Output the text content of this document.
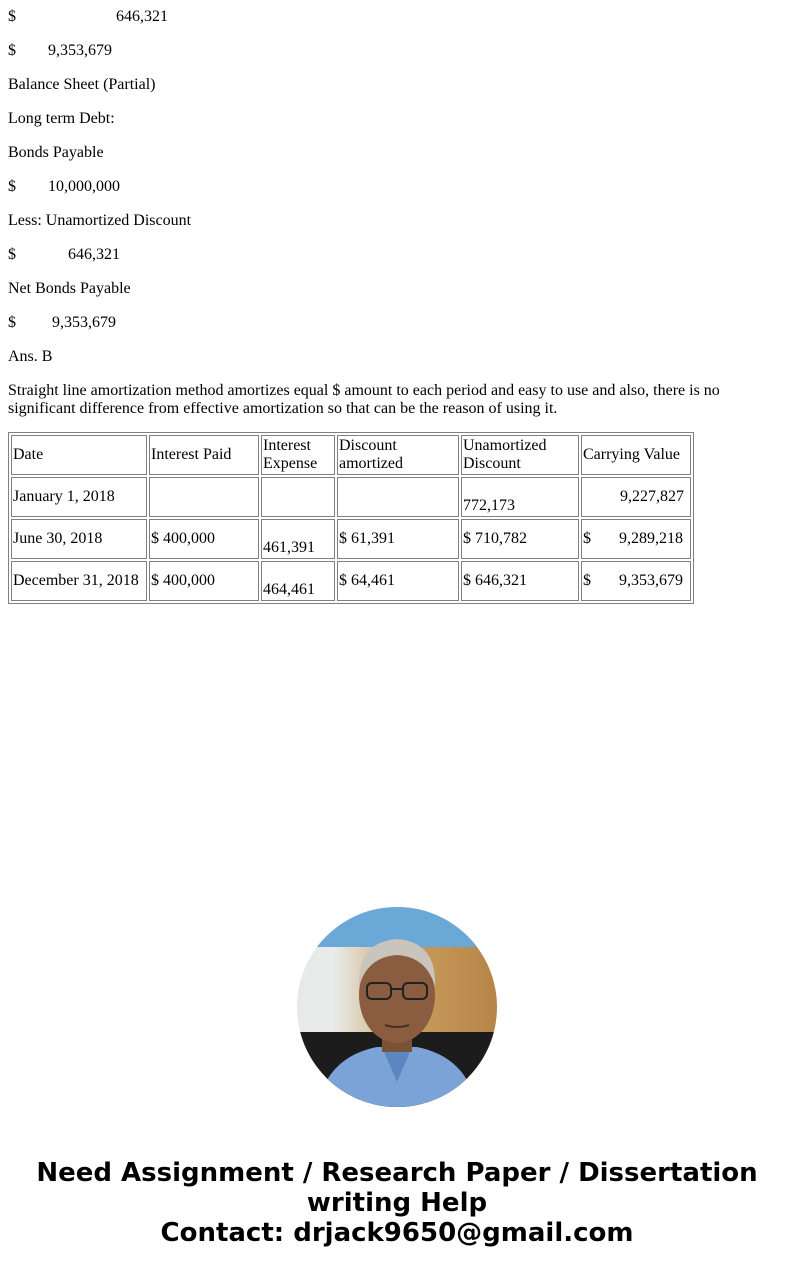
$                         646,321

$        9,353,679

Balance Sheet (Partial)

Long term Debt:

Bonds Payable

$        10,000,000

Less: Unamortized Discount

$             646,321

Net Bonds Payable

$         9,353,679

Ans. B

Straight line amortization method amortizes equal $ amount to each period and easy to use and also, there is no significant difference from effective amortization so that can be the reason of using it.

Date	Interest Paid	Interest Expense	Discount amortized	Unamortized Discount	Carrying Value
January 1, 2018				772,173	9,227,827
June 30, 2018	$ 400,000	461,391	$ 61,391	$ 710,782	$       9,289,218
December 31, 2018	$ 400,000	464,461	$ 64,461	$ 646,321	$       9,353,679
Need Assignment / Research Paper / Dissertation writing Help
Contact: drjack9650@gmail.com
